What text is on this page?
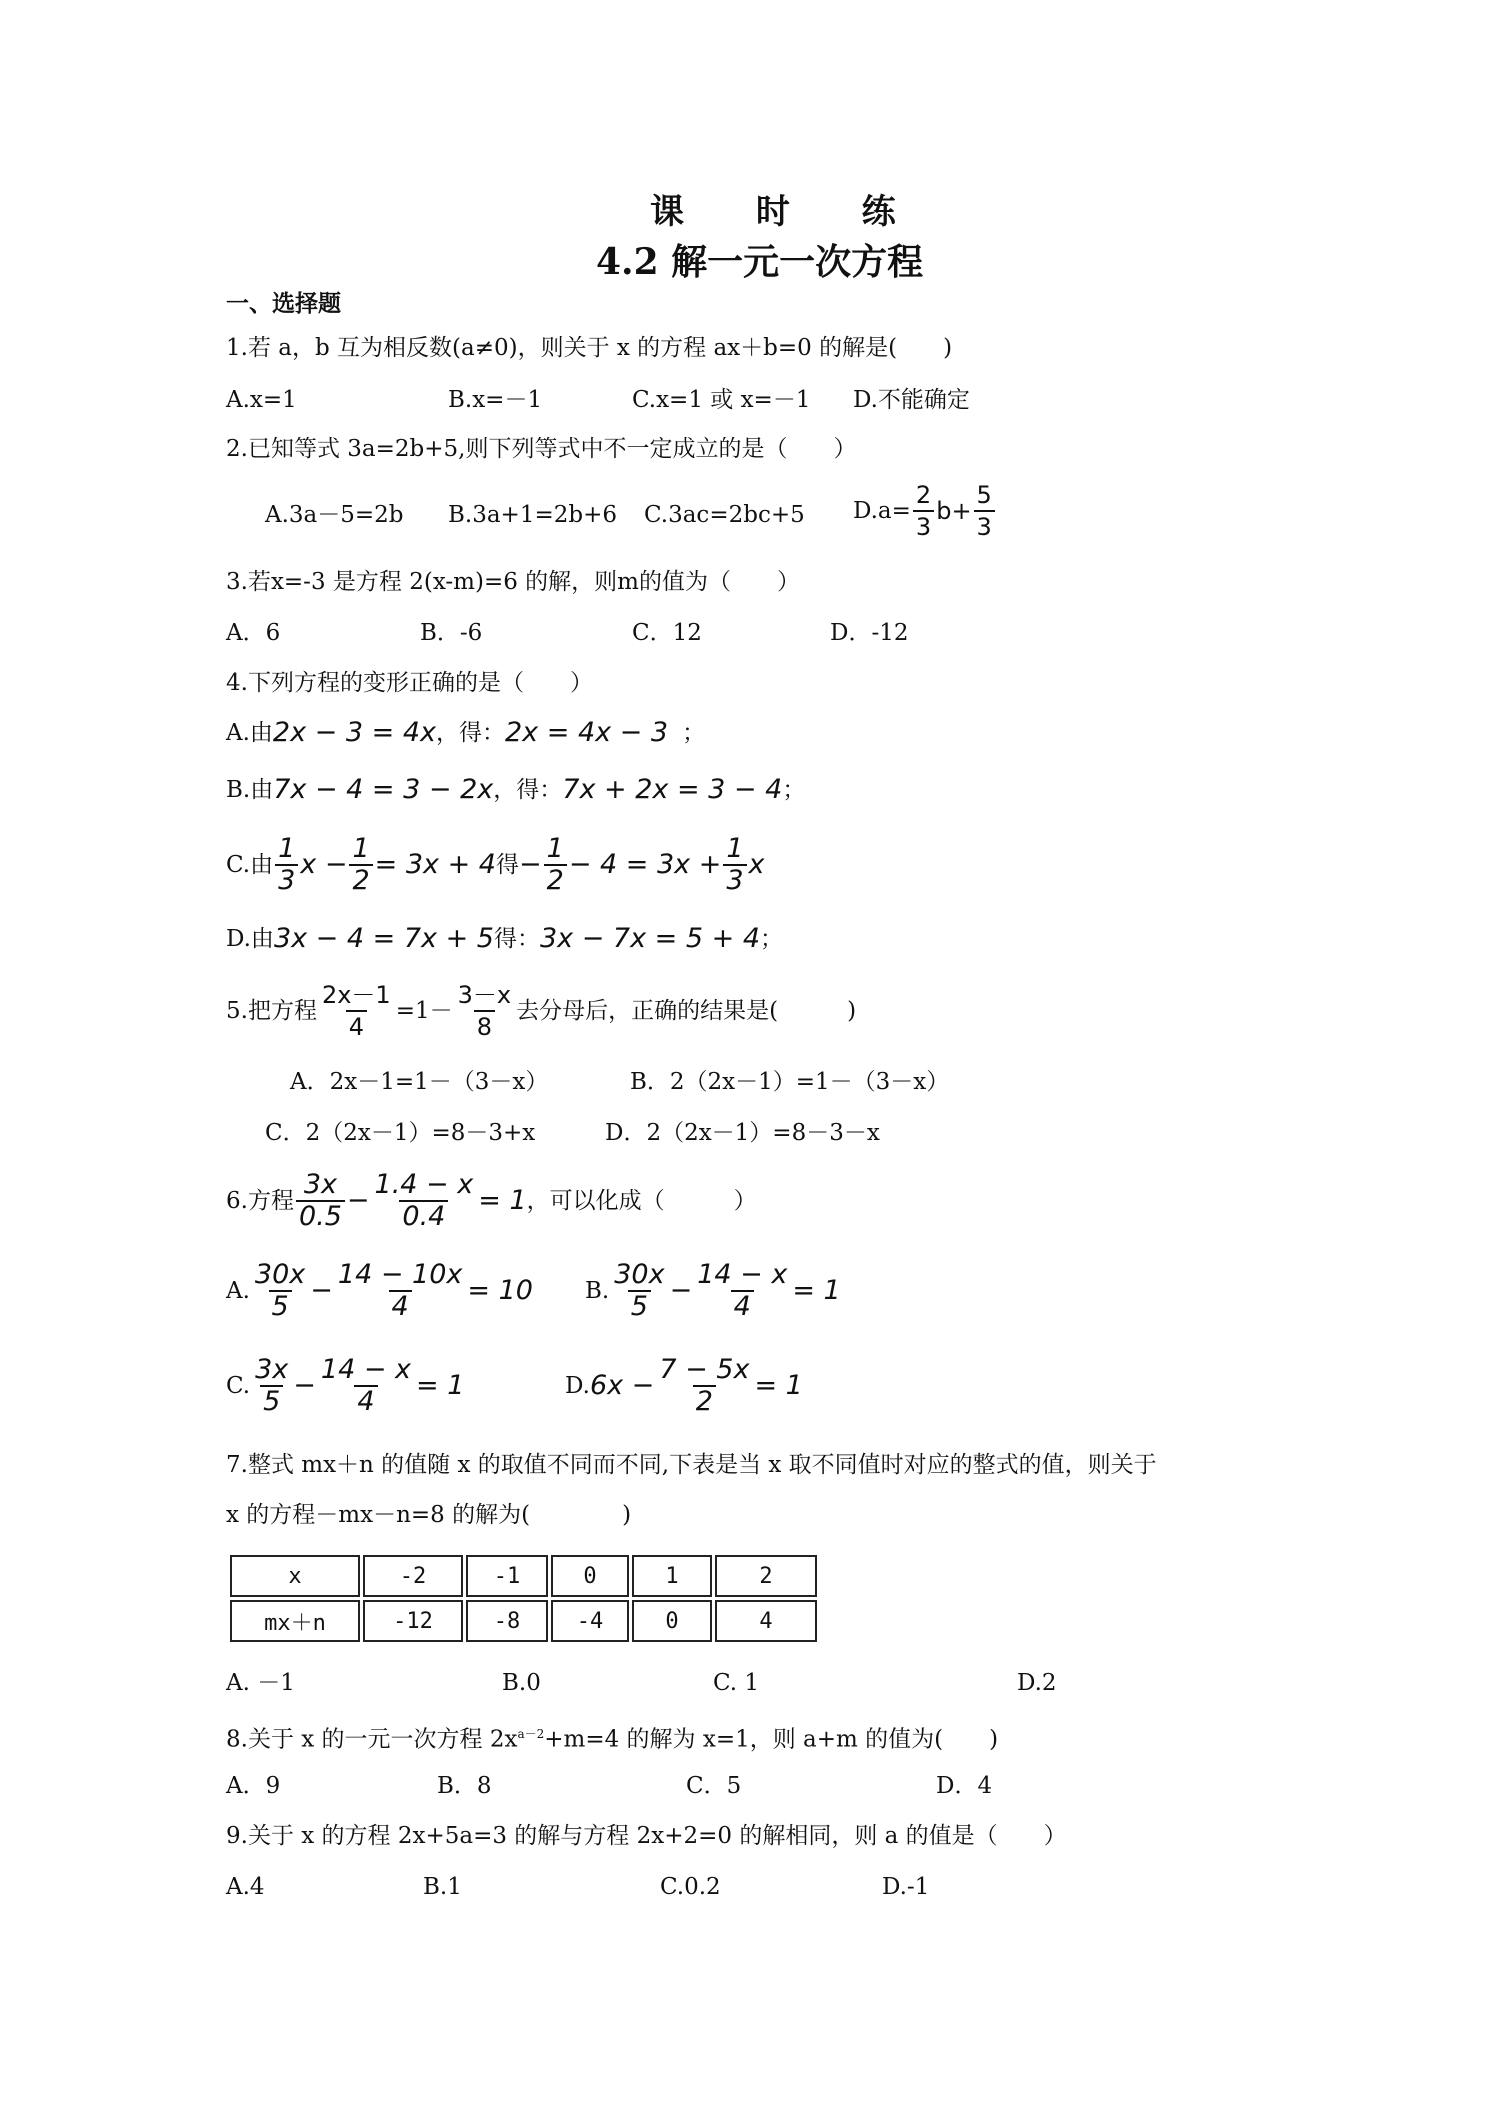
课 时 练
4.2 解一元一次方程
一、选择题
1.若 a，b 互为相反数(a≠0)，则关于 x 的方程 ax＋b=0 的解是(　　)
A.x=1	B.x=－1	C.x=1 或 x=－1 D.不能确定
2.已知等式 3a=2b+5,则下列等式中不一定成立的是（　　）
A.3a－5=2b B.3a+1=2b+6 C.3ac=2bc+5 $D.a= \frac{2}{3} b+ \frac{5}{3}$
3.若x=-3 是方程 2(x-m)=6 的解，则m的值为（　　）
A．6	B．-6	C．12	D．-12
4.下列方程的变形正确的是（　　）
A.由 2x − 3 = 4x ，得： 2x = 4x − 3 ；
B.由 7x − 4 = 3 − 2x ，得： 7x + 2x = 3 − 4 ；
C.由 $\frac{1}{3}$ $x - \frac{1}{2} = 3x + 4$ 得 − $\frac{1}{2} - 4 = 3x + \frac{1}{3}$ x
D.由 3x − 4 = 7x + 5 得： 3x − 7x = 5 + 4 ；
5.把方程 $\frac{2x-1}{4} =1- \frac{3-x}{8}$ 去分母后，正确的结果是(　　　)
A．2x－1=1－（3－x）	B．2（2x－1）=1－（3－x）
C．2（2x－1）=8－3+x	D．2（2x－1）=8－3－x
6.方程 $\frac{3x}{0.5} - \frac{1.4 - x}{0.4} = 1$ ，可以化成（　　　）
A. $\frac{30x}{5} - \frac{14 - 10x}{4} = 10$ B. $\frac{30x}{5} - \frac{14 - x}{4} = 1$
C. $\frac{3x}{5} - \frac{14 - x}{4} = 1$	D. $6x - \frac{7 - 5x}{2} = 1$
7.整式 mx＋n 的值随 x 的取值不同而不同,下表是当 x 取不同值时对应的整式的值，则关于
x 的方程－mx－n=8 的解为(　　　　)
x	-2	-1	0	1	2
mx＋n	-12	-8	-4	0	4
A. －1	B.0	C. 1	D.2
8.关于 x 的一元一次方程 $2x^{a-2}+m=4$ 的解为 x=1，则 a+m 的值为(　　)
A．9	B．8	C．5	D．4
9.关于 x 的方程 2x+5a=3 的解与方程 2x+2=0 的解相同，则 a 的值是（　　）
A.4	B.1	C.0.2	D.-1
